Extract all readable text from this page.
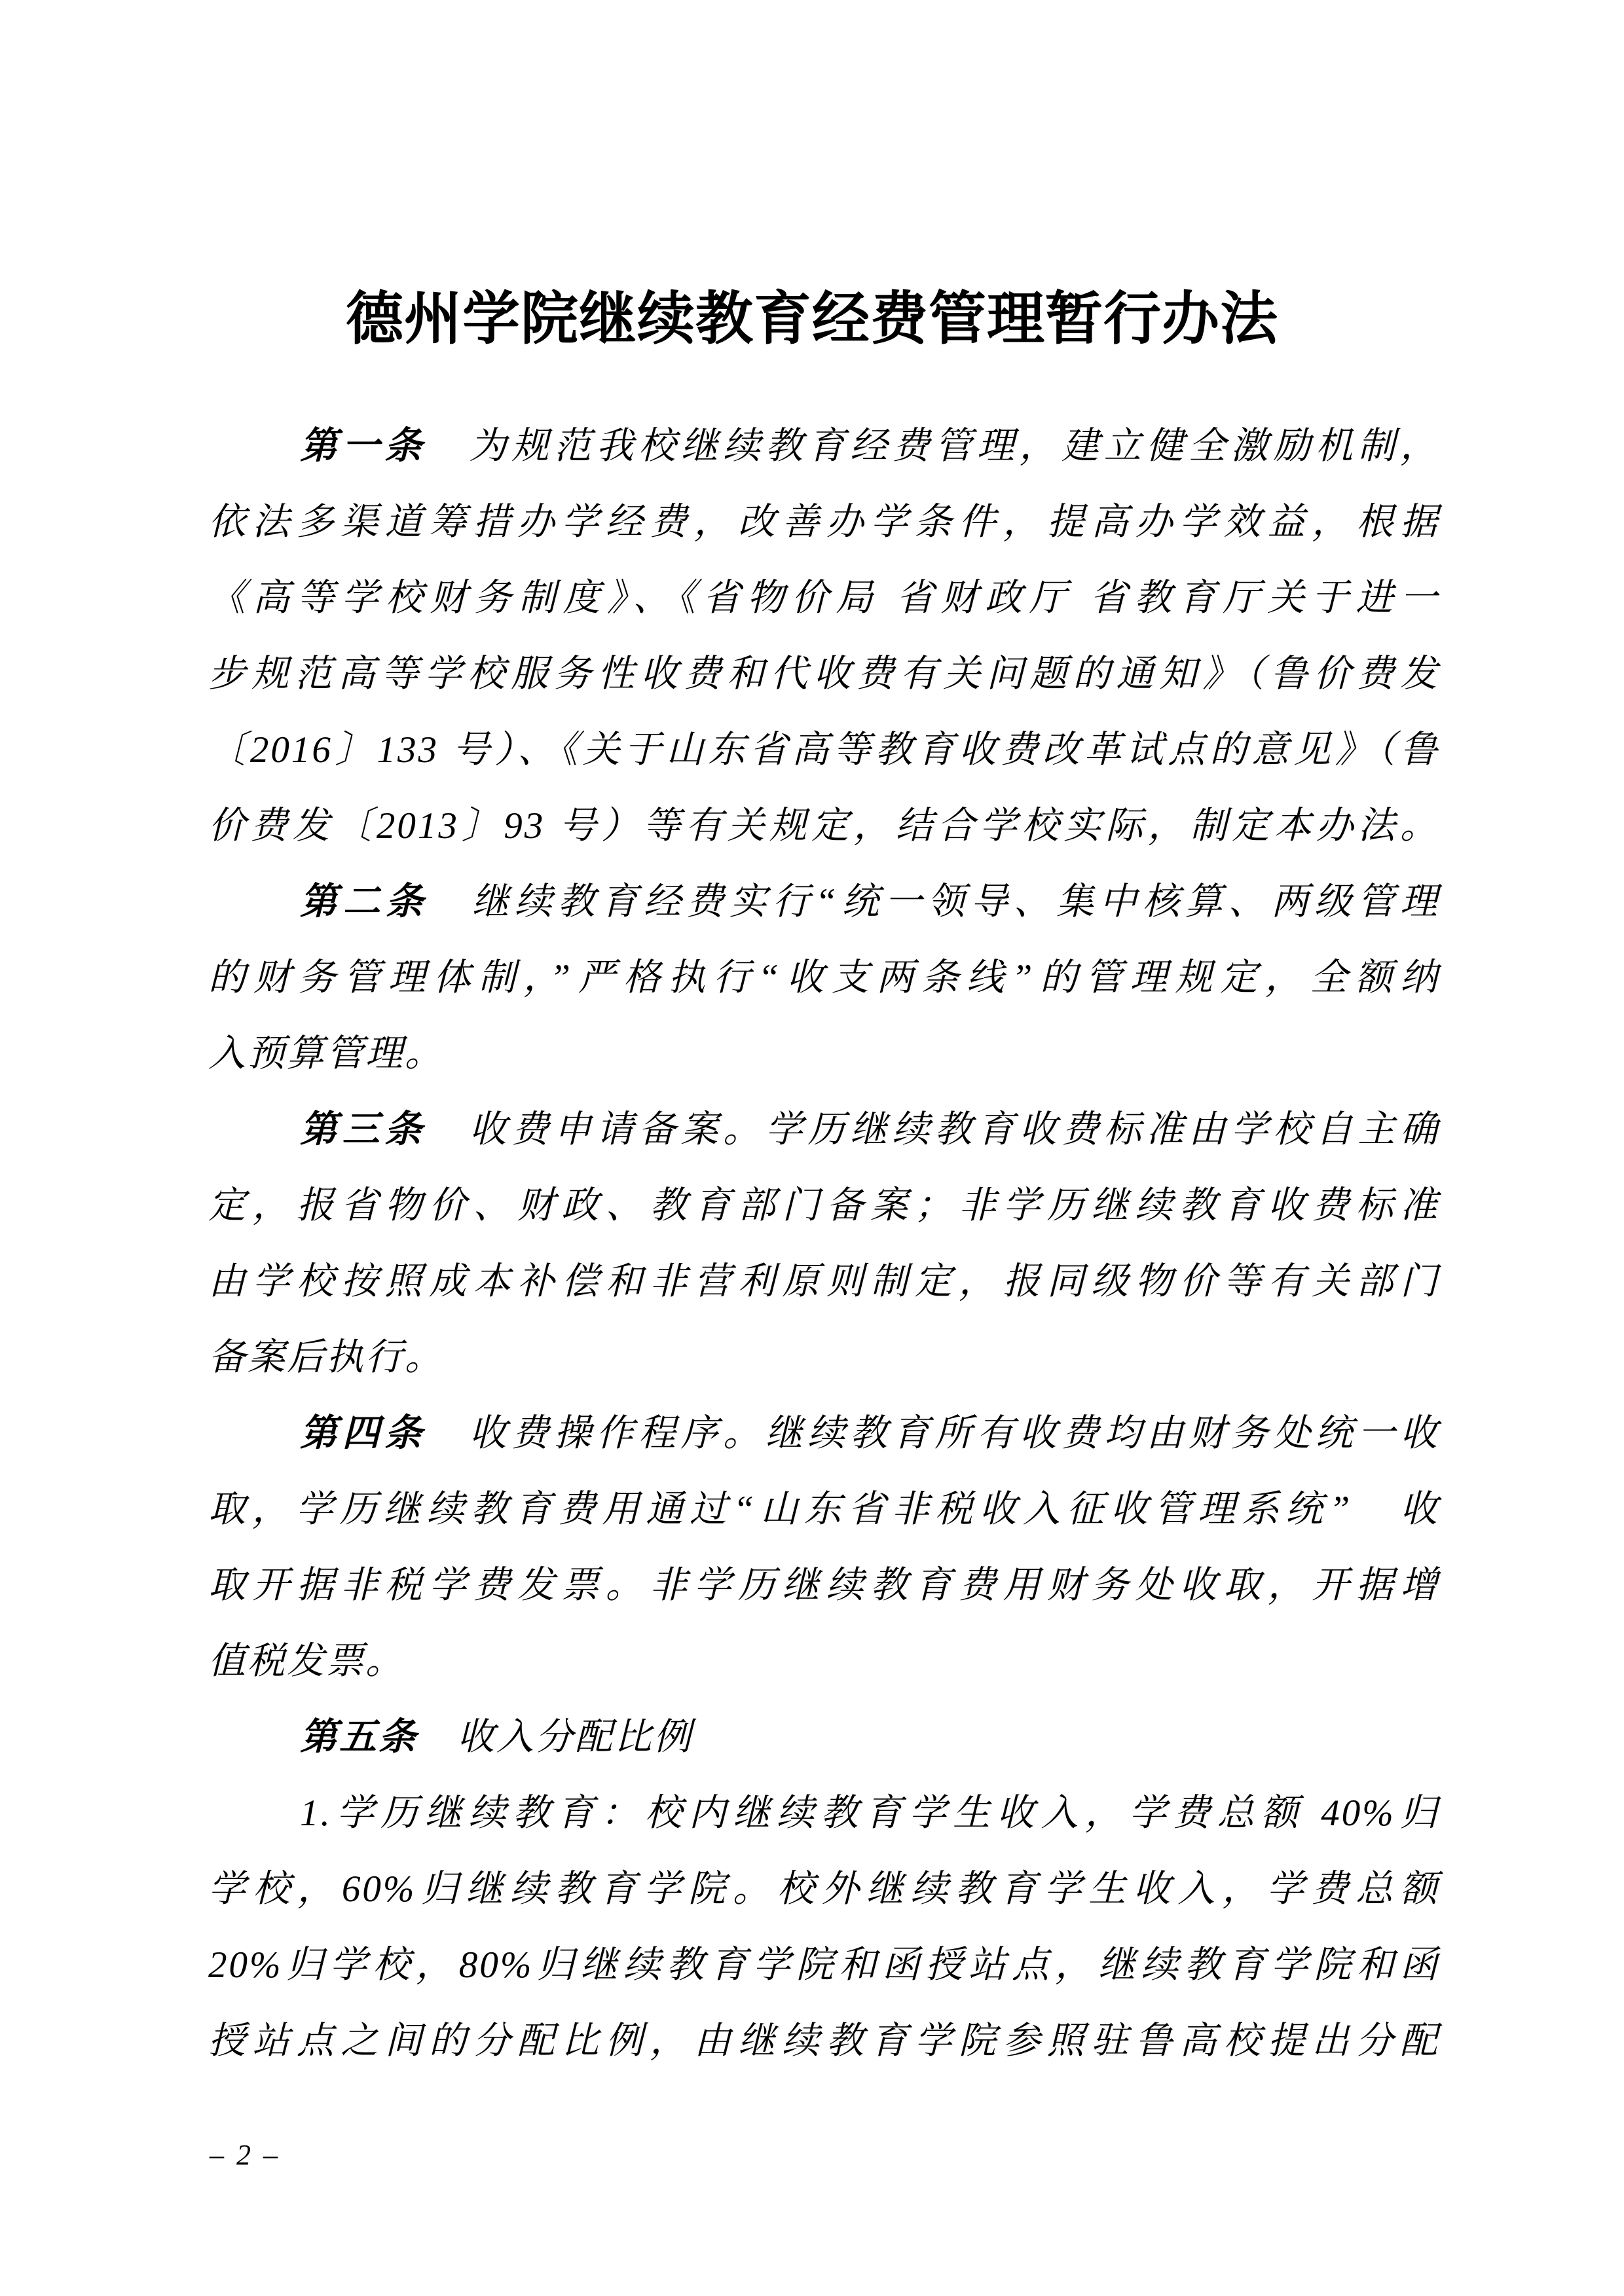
德州学院继续教育经费管理暂行办法
第一条　为规范我校继续教育经费管理，建立健全激励机制，
依法多渠道筹措办学经费，改善办学条件，提高办学效益，根据
《高等学校财务制度》、《省物价局 省财政厅 省教育厅关于进一
步规范高等学校服务性收费和代收费有关问题的通知》（鲁价费发
〔2016〕133 号）、《关于山东省高等教育收费改革试点的意见》（鲁
价费发〔2013〕93 号）等有关规定，结合学校实际，制定本办法。
第二条　继续教育经费实行“统一领导、集中核算、两级管理
的财务管理体制，”严格执行“收支两条线”的管理规定，全额纳
入预算管理。
第三条　收费申请备案。学历继续教育收费标准由学校自主确
定，报省物价、财政、教育部门备案；非学历继续教育收费标准
由学校按照成本补偿和非营利原则制定，报同级物价等有关部门
备案后执行。
第四条　收费操作程序。继续教育所有收费均由财务处统一收
取，学历继续教育费用通过“山东省非税收入征收管理系统”　收
取开据非税学费发票。非学历继续教育费用财务处收取，开据增
值税发票。
第五条　收入分配比例
1.学历继续教育：校内继续教育学生收入，学费总额 40%归
学校，60%归继续教育学院。校外继续教育学生收入，学费总额
20%归学校，80%归继续教育学院和函授站点，继续教育学院和函
授站点之间的分配比例，由继续教育学院参照驻鲁高校提出分配
– 2 –
